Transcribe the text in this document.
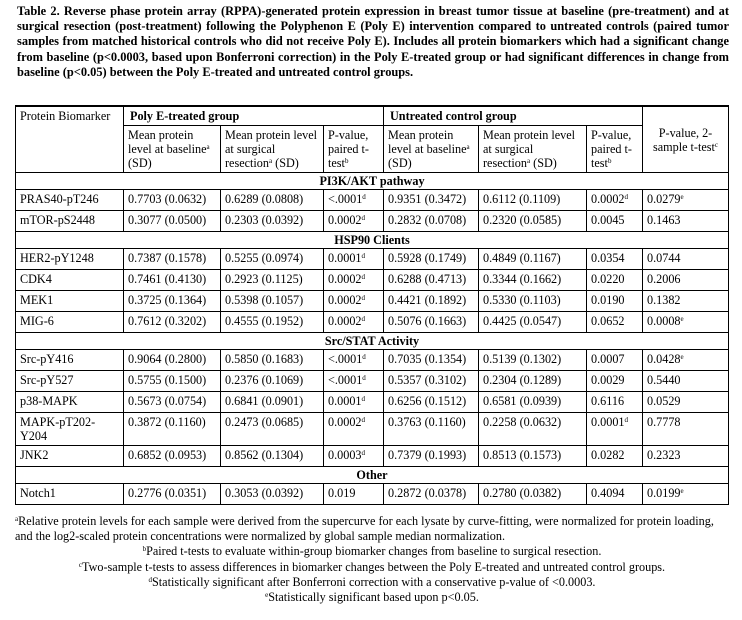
Table 2. Reverse phase protein array (RPPA)-generated protein expression in breast tumor tissue at baseline (pre-treatment) and at surgical resection (post-treatment) following the Polyphenon E (Poly E) intervention compared to untreated controls (paired tumor samples from matched historical controls who did not receive Poly E). Includes all protein biomarkers which had a significant change from baseline (p<0.0003, based upon Bonferroni correction) in the Poly E-treated group or had significant differences in change from baseline (p<0.05) between the Poly E-treated and untreated control groups.
Protein Biomarker	Poly E-treated group			Untreated control group			P-value, 2-sample t-test$^c$
	Mean protein level at baseline$^a$ (SD)	Mean protein level at surgical resection$^a$ (SD)	P-value, paired t-test$^b$	Mean protein level at baseline$^a$ (SD)	Mean protein level at surgical resection$^a$ (SD)	P-value, paired t-test$^b$
PI3K/AKT pathway							
PRAS40-pT246	0.7703 (0.0632)	0.6289 (0.0808)	<.0001$^d$	0.9351 (0.3472)	0.6112 (0.1109)	0.0002$^d$	0.0279e
mTOR-pS2448	0.3077 (0.0500)	0.2303 (0.0392)	0.0002$^d$	0.2832 (0.0708)	0.2320 (0.0585)	0.0045	0.1463
HSP90 Clients							
HER2-pY1248	0.7387 (0.1578)	0.5255 (0.0974)	0.0001$^d$	0.5928 (0.1749)	0.4849 (0.1167)	0.0354	0.0744
CDK4	0.7461 (0.4130)	0.2923 (0.1125)	0.0002$^d$	0.6288 (0.4713)	0.3344 (0.1662)	0.0220	0.2006
MEK1	0.3725 (0.1364)	0.5398 (0.1057)	0.0002$^d$	0.4421 (0.1892)	0.5330 (0.1103)	0.0190	0.1382
MIG-6	0.7612 (0.3202)	0.4555 (0.1952)	0.0002$^d$	0.5076 (0.1663)	0.4425 (0.0547)	0.0652	0.0008e
Src/STAT Activity							
Src-pY416	0.9064 (0.2800)	0.5850 (0.1683)	<.0001$^d$	0.7035 (0.1354)	0.5139 (0.1302)	0.0007	0.0428e
Src-pY527	0.5755 (0.1500)	0.2376 (0.1069)	<.0001$^d$	0.5357 (0.3102)	0.2304 (0.1289)	0.0029	0.5440
p38-MAPK	0.5673 (0.0754)	0.6841 (0.0901)	0.0001$^d$	0.6256 (0.1512)	0.6581 (0.0939)	0.6116	0.0529
MAPK-pT202-Y204	0.3872 (0.1160)	0.2473 (0.0685)	0.0002$^d$	0.3763 (0.1160)	0.2258 (0.0632)	0.0001$^d$	0.7778
JNK2	0.6852 (0.0953)	0.8562 (0.1304)	0.0003$^d$	0.7379 (0.1993)	0.8513 (0.1573)	0.0282	0.2323
Other							
Notch1	0.2776 (0.0351)	0.3053 (0.0392)	0.019	0.2872 (0.0378)	0.2780 (0.0382)	0.4094	0.0199e
$^a$Relative protein levels for each sample were derived from the supercurve for each lysate by curve-fitting, were normalized for protein loading, and the log2-scaled protein concentrations were normalized by global sample median normalization.
$^b$Paired t-tests to evaluate within-group biomarker changes from baseline to surgical resection.
$^c$Two-sample t-tests to assess differences in biomarker changes between the Poly E-treated and untreated control groups.
$^d$Statistically significant after Bonferroni correction with a conservative p-value of <0.0003.
$^e$Statistically significant based upon p<0.05.
